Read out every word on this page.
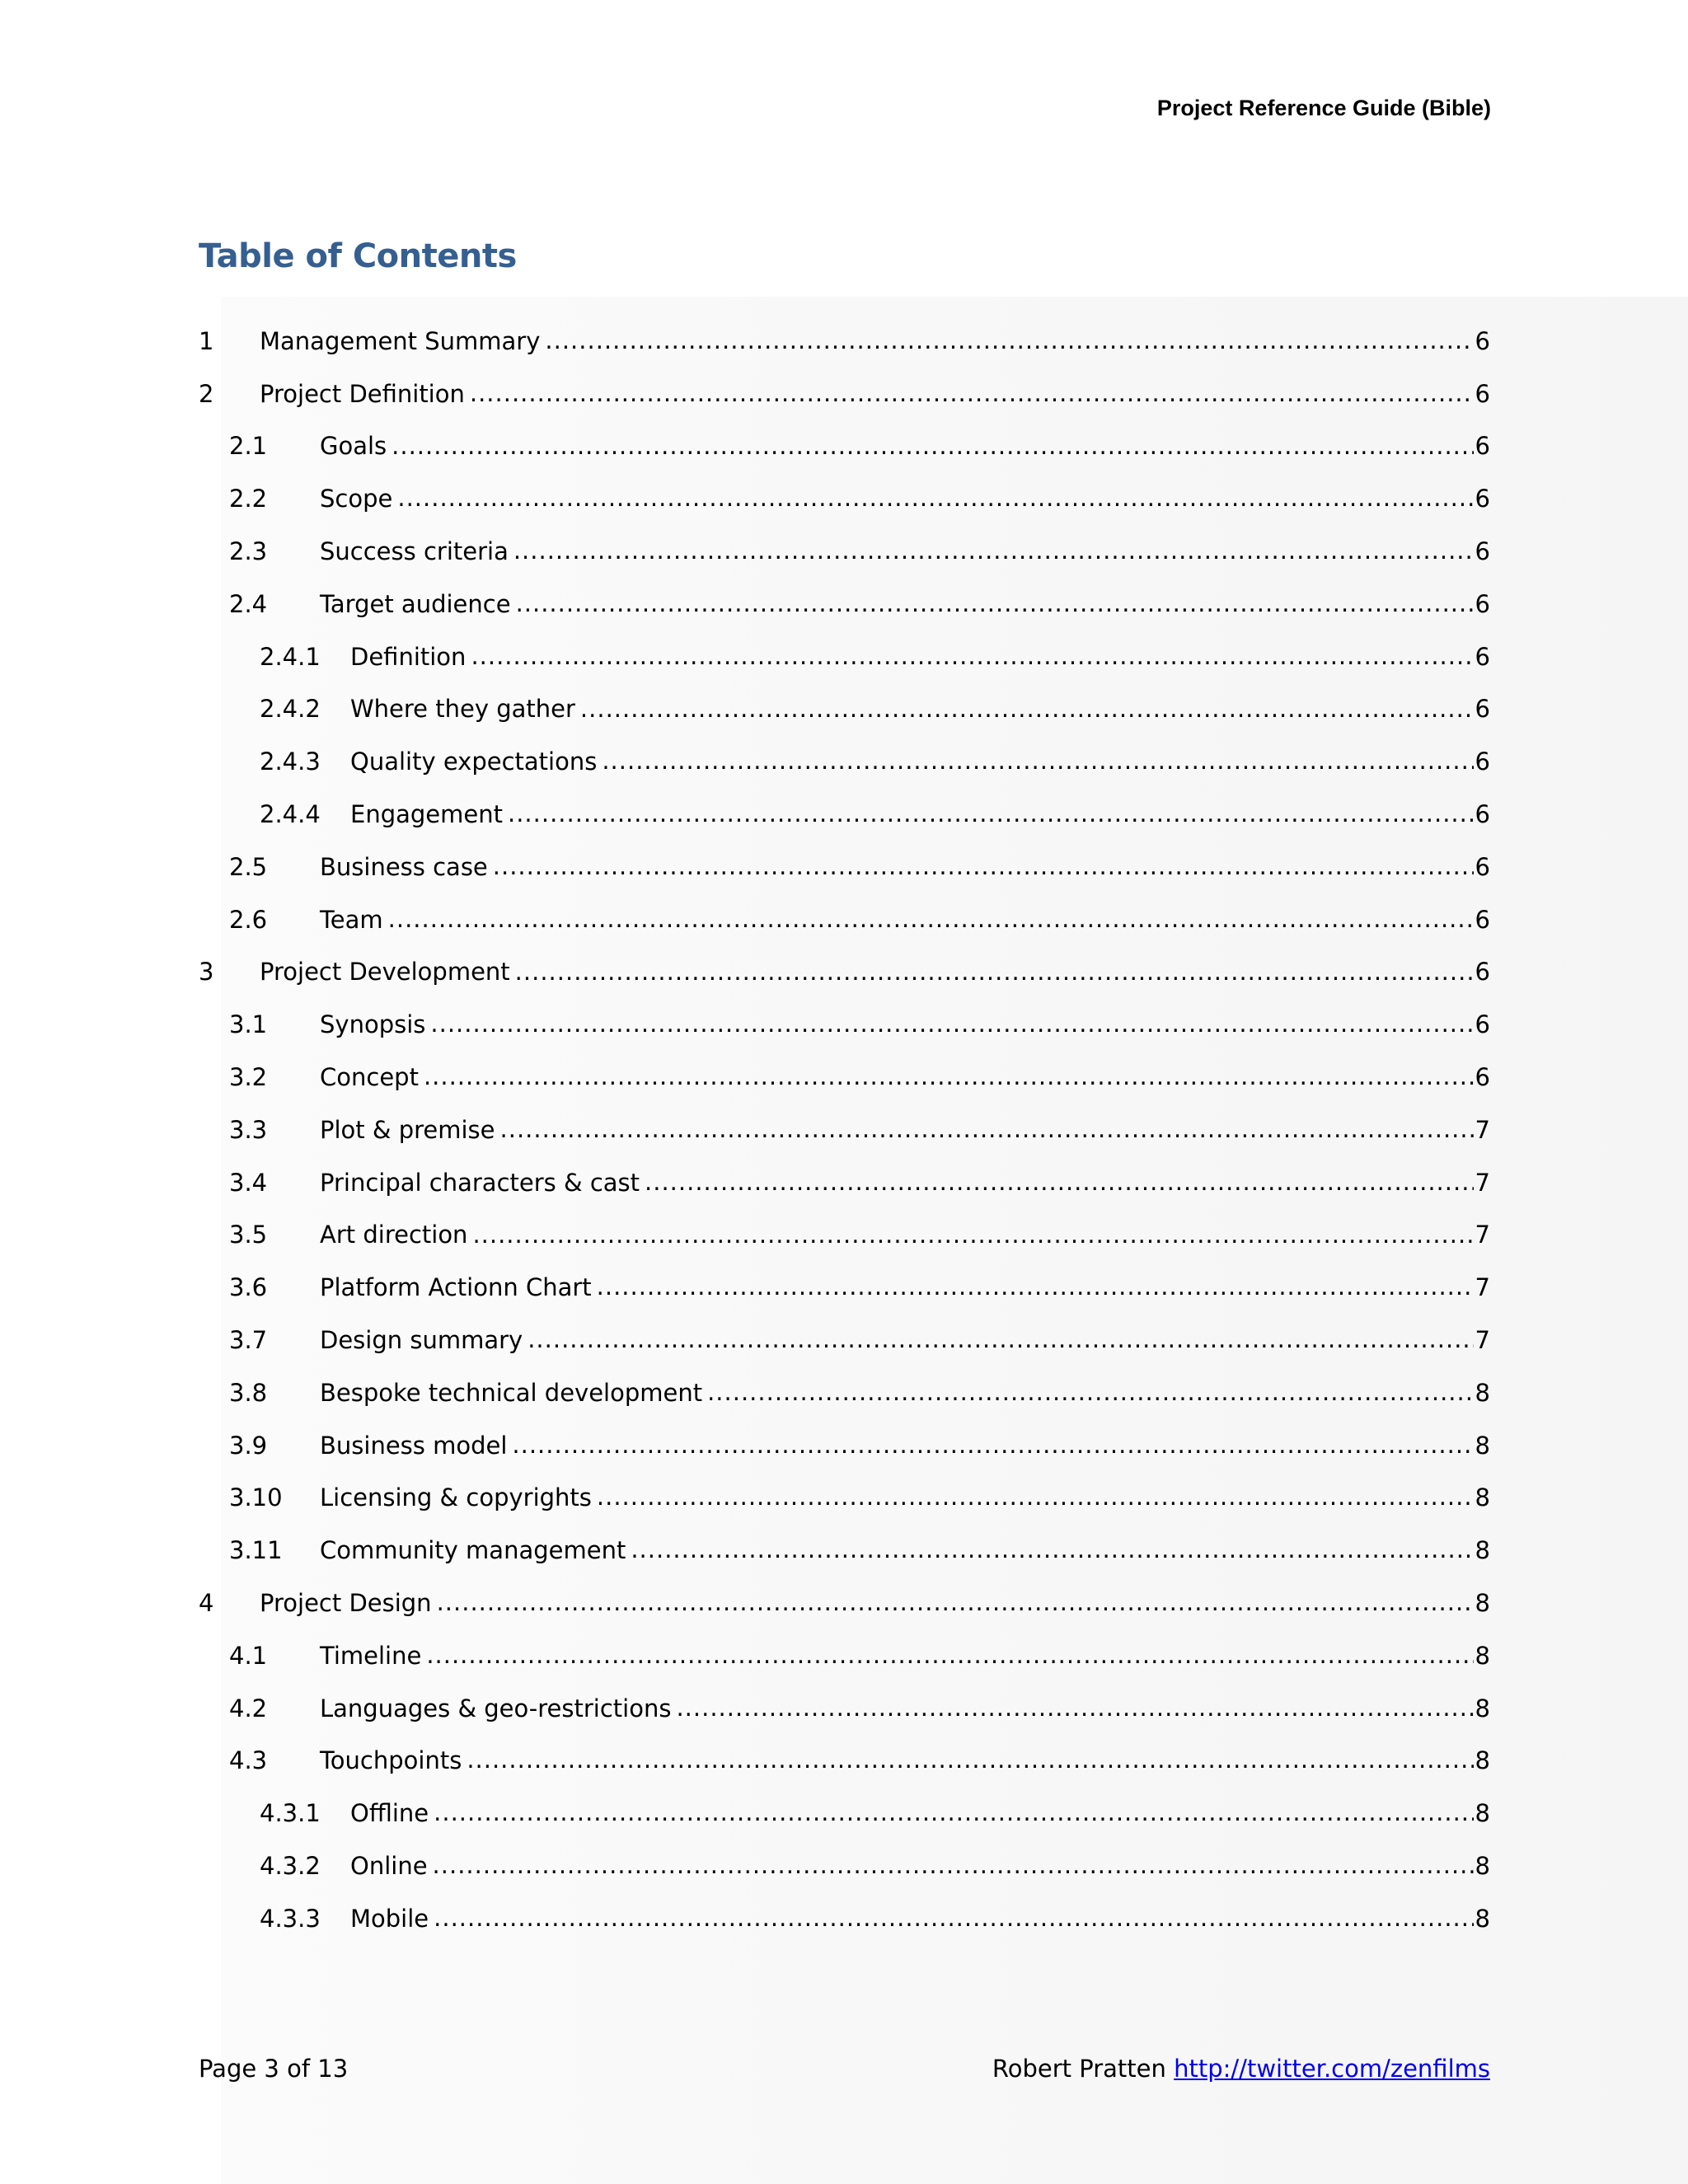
Project Reference Guide (Bible)
Table of Contents
1	Management Summary .....	6
2	Project Definition .....	6
2.1	Goals .....	6
2.2	Scope .....	6
2.3	Success criteria .....	6
2.4	Target audience .....	6
2.4.1	Definition .....	6
2.4.2	Where they gather .....	6
2.4.3	Quality expectations .....	6
2.4.4	Engagement .....	6
2.5	Business case .....	6
2.6	Team .....	6
3	Project Development .....	6
3.1	Synopsis .....	6
3.2	Concept .....	6
3.3	Plot & premise .....	7
3.4	Principal characters & cast .....	7
3.5	Art direction .....	7
3.6	Platform Actionn Chart .....	7
3.7	Design summary .....	7
3.8	Bespoke technical development .....	8
3.9	Business model .....	8
3.10	Licensing & copyrights .....	8
3.11	Community management .....	8
4	Project Design .....	8
4.1	Timeline .....	8
4.2	Languages & geo-restrictions .....	8
4.3	Touchpoints .....	8
4.3.1	Offline .....	8
4.3.2	Online .....	8
4.3.3	Mobile .....	8
Page 3 of 13	Robert Pratten http://twitter.com/zenfilms
